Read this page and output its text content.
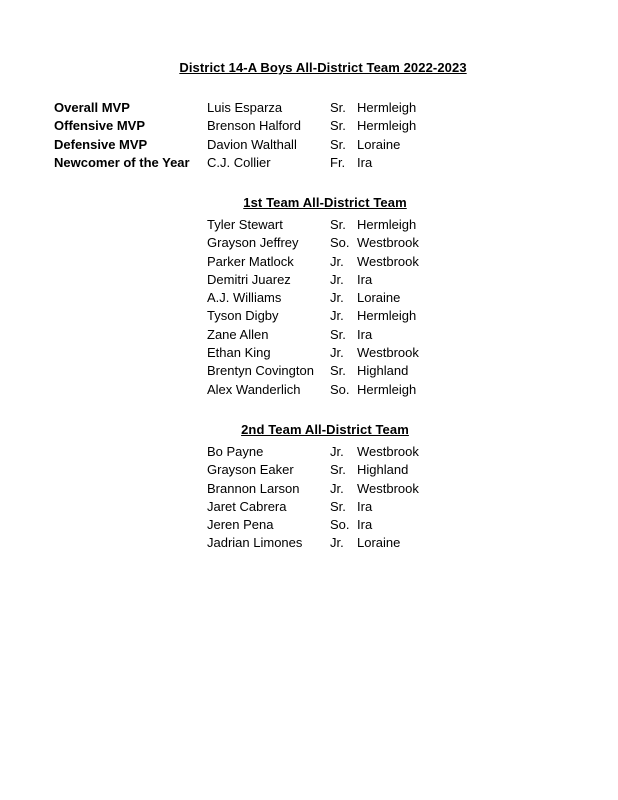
District 14-A Boys All-District Team 2022-2023
Overall MVP	Luis Esparza	Sr. Hermleigh
Offensive MVP	Brenson Halford Sr. Hermleigh
Defensive MVP	Davion Walthall	Sr. Loraine
Newcomer of the Year C.J. Collier	Fr. Ira
1st Team All-District Team
Tyler Stewart	Sr. Hermleigh
Grayson Jeffrey So. Westbrook
Parker Matlock	Jr. Westbrook
Demitri Juarez	Jr. Ira
A.J. Williams	Jr. Loraine
Tyson Digby	Jr. Hermleigh
Zane Allen	Sr. Ira
Ethan King	Jr. Westbrook
Brentyn Covington Sr. Highland
Alex Wanderlich So. Hermleigh
2nd Team All-District Team
Bo Payne	Jr. Westbrook
Grayson Eaker	Sr. Highland
Brannon Larson Jr. Westbrook
Jaret Cabrera	Sr. Ira
Jeren Pena	So. Ira
Jadrian Limones Jr. Loraine
